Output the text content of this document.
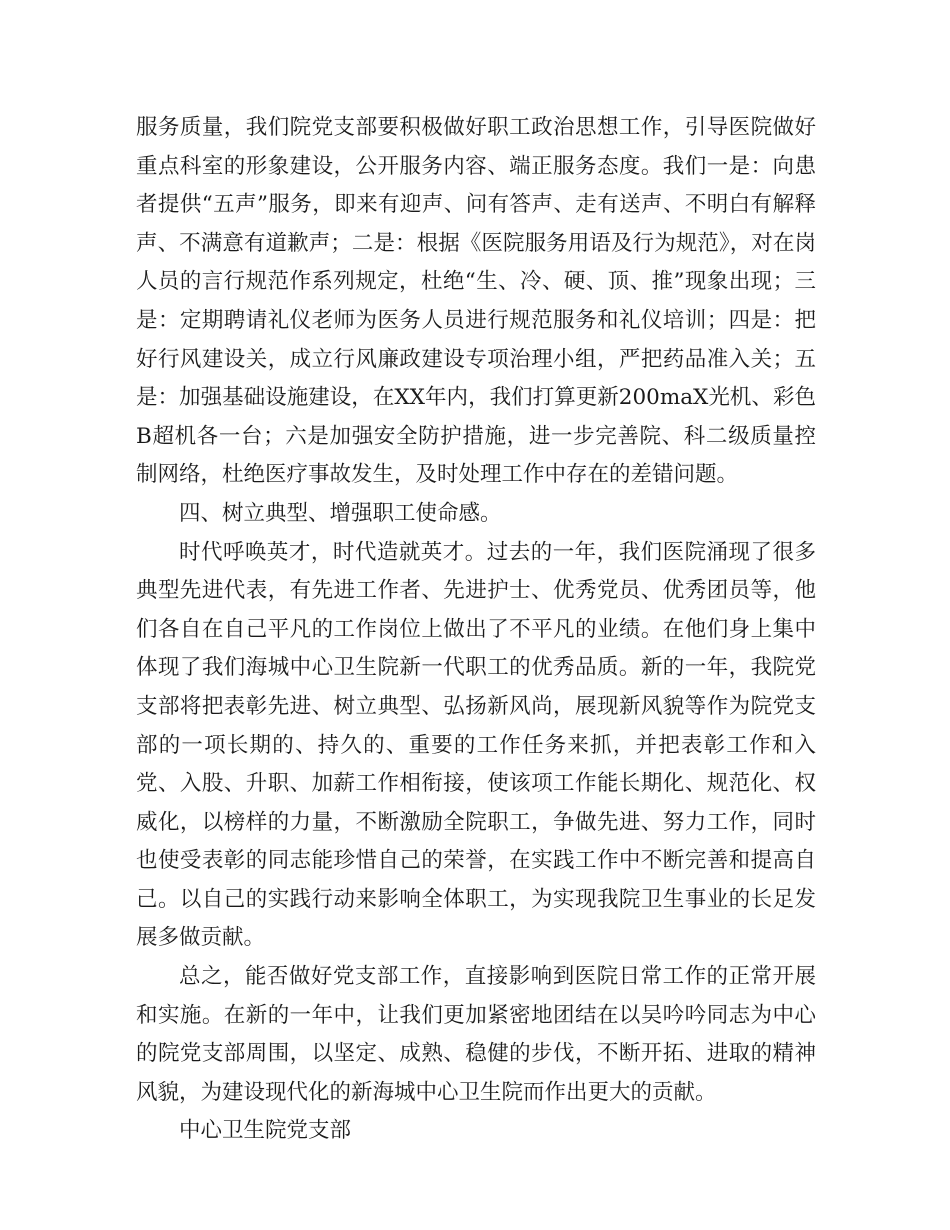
服务质量，我们院党支部要积极做好职工政治思想工作，引导医院做好重点科室的形象建设，公开服务内容、端正服务态度。我们一是：向患者提供“五声”服务，即来有迎声、问有答声、走有送声、不明白有解释声、不满意有道歉声；二是：根据《医院服务用语及行为规范》，对在岗人员的言行规范作系列规定，杜绝“生、冷、硬、顶、推”现象出现；三是：定期聘请礼仪老师为医务人员进行规范服务和礼仪培训；四是：把好行风建设关，成立行风廉政建设专项治理小组，严把药品准入关；五是：加强基础设施建设，在XX年内，我们打算更新200maX光机、彩色B超机各一台；六是加强安全防护措施，进一步完善院、科二级质量控制网络，杜绝医疗事故发生，及时处理工作中存在的差错问题。

四、树立典型、增强职工使命感。

时代呼唤英才，时代造就英才。过去的一年，我们医院涌现了很多典型先进代表，有先进工作者、先进护士、优秀党员、优秀团员等，他们各自在自己平凡的工作岗位上做出了不平凡的业绩。在他们身上集中体现了我们海城中心卫生院新一代职工的优秀品质。新的一年，我院党支部将把表彰先进、树立典型、弘扬新风尚，展现新风貌等作为院党支部的一项长期的、持久的、重要的工作任务来抓，并把表彰工作和入党、入股、升职、加薪工作相衔接，使该项工作能长期化、规范化、权威化，以榜样的力量，不断激励全院职工，争做先进、努力工作，同时也使受表彰的同志能珍惜自己的荣誉，在实践工作中不断完善和提高自己。以自己的实践行动来影响全体职工，为实现我院卫生事业的长足发展多做贡献。

总之，能否做好党支部工作，直接影响到医院日常工作的正常开展和实施。在新的一年中，让我们更加紧密地团结在以吴吟吟同志为中心的院党支部周围，以坚定、成熟、稳健的步伐，不断开拓、进取的精神风貌，为建设现代化的新海城中心卫生院而作出更大的贡献。

中心卫生院党支部
